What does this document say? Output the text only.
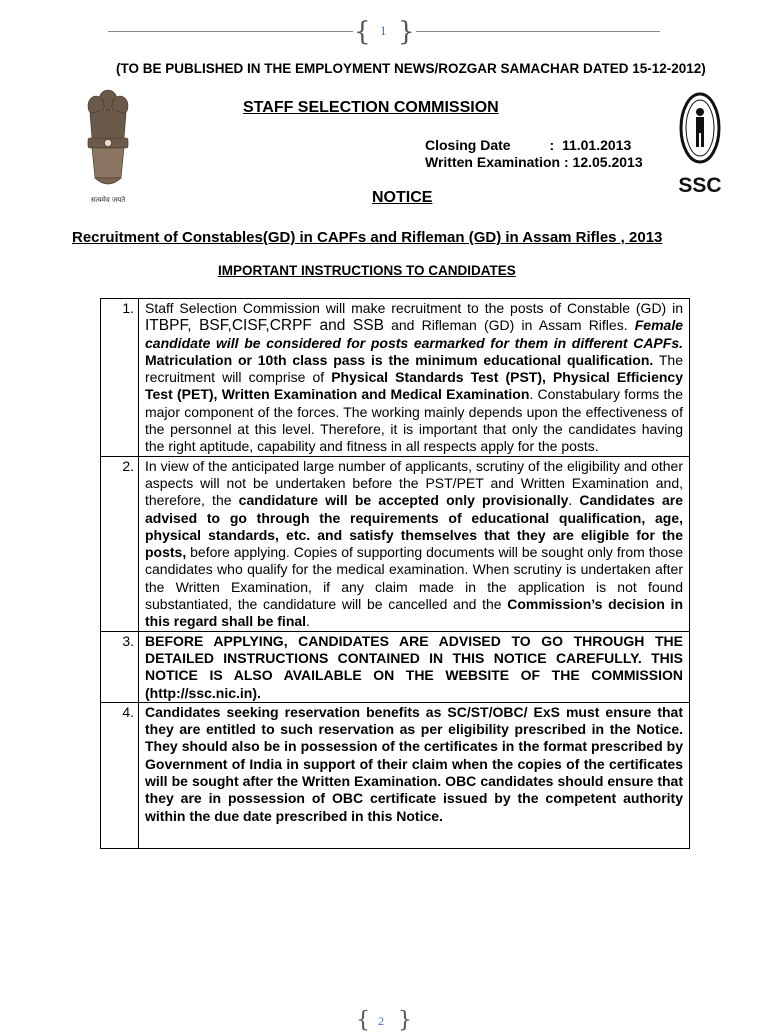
{ 1 }
(TO BE PUBLISHED IN THE EMPLOYMENT NEWS/ROZGAR SAMACHAR DATED 15-12-2012)
सत्यमेव जयते
STAFF SELECTION COMMISSION
Closing Date	: 11.01.2013
Written Examination : 12.05.2013
SSC
NOTICE
Recruitment of Constables(GD) in CAPFs and Rifleman (GD) in Assam Rifles , 2013
IMPORTANT INSTRUCTIONS TO CANDIDATES
1.	Staff Selection Commission will make recruitment to the posts of Constable (GD) in ITBPF, BSF,CISF,CRPF and SSB and Rifleman (GD) in Assam Rifles. Female candidate will be considered for posts earmarked for them in different CAPFs. Matriculation or 10th class pass is the minimum educational qualification. The recruitment will comprise of Physical Standards Test (PST), Physical Efficiency Test (PET), Written Examination and Medical Examination. Constabulary forms the major component of the forces. The working mainly depends upon the effectiveness of the personnel at this level. Therefore, it is important that only the candidates having the right aptitude, capability and fitness in all respects apply for the posts.
2.	In view of the anticipated large number of applicants, scrutiny of the eligibility and other aspects will not be undertaken before the PST/PET and Written Examination and, therefore, the candidature will be accepted only provisionally. Candidates are advised to go through the requirements of educational qualification, age, physical standards, etc. and satisfy themselves that they are eligible for the posts, before applying. Copies of supporting documents will be sought only from those candidates who qualify for the medical examination. When scrutiny is undertaken after the Written Examination, if any claim made in the application is not found substantiated, the candidature will be cancelled and the Commission’s decision in this regard shall be final.
3.	BEFORE APPLYING, CANDIDATES ARE ADVISED TO GO THROUGH THE DETAILED INSTRUCTIONS CONTAINED IN THIS NOTICE CAREFULLY. THIS NOTICE IS ALSO AVAILABLE ON THE WEBSITE OF THE COMMISSION (http://ssc.nic.in).
4.	Candidates seeking reservation benefits as SC/ST/OBC/ ExS must ensure that they are entitled to such reservation as per eligibility prescribed in the Notice. They should also be in possession of the certificates in the format prescribed by Government of India in support of their claim when the copies of the certificates will be sought after the Written Examination. OBC candidates should ensure that they are in possession of OBC certificate issued by the competent authority within the due date prescribed in this Notice.
{ 2 }
